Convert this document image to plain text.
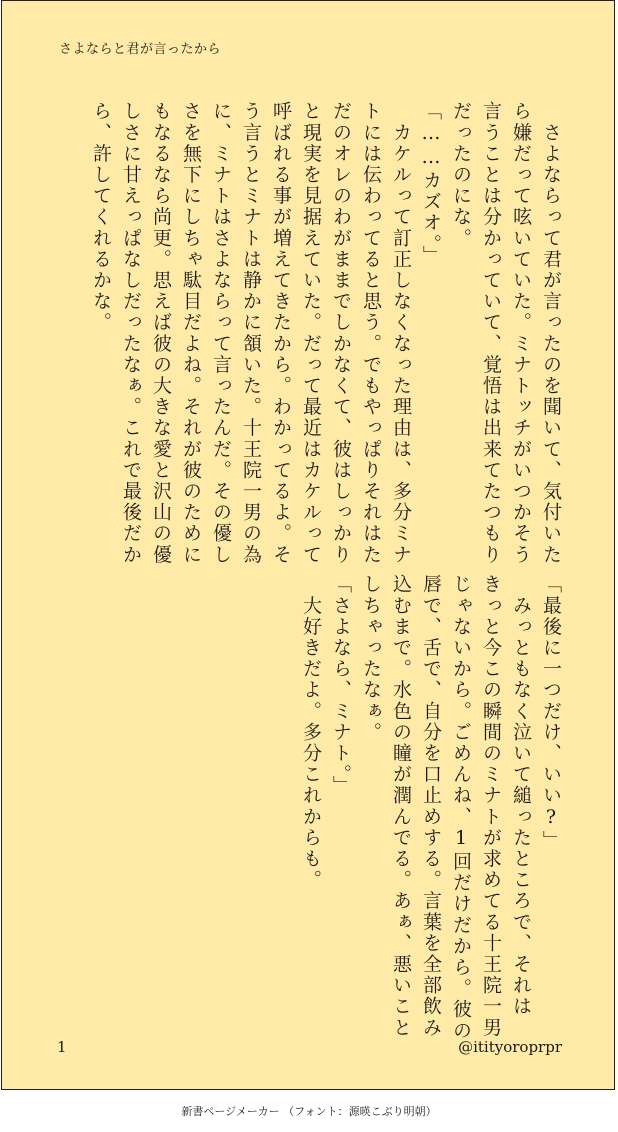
さよならと君が言ったから
　さよならって君が言ったのを聞いて、気付いた
ら嫌だって呟いていた。ミナトッチがいつかそう
言うことは分かっていて、覚悟は出来てたつもり
だったのにな。
「……カズオ。」
　カケルって訂正しなくなった理由は、多分ミナ
トには伝わってると思う。でもやっぱりそれはた
だのオレのわがままでしかなくて、彼はしっかり
と現実を見据えていた。だって最近はカケルって
呼ばれる事が増えてきたから。わかってるよ。そ
う言うとミナトは静かに頷いた。十王院一男の為
に、ミナトはさよならって言ったんだ。その優し
さを無下にしちゃ駄目だよね。それが彼のために
もなるなら尚更。思えば彼の大きな愛と沢山の優
しさに甘えっぱなしだったなぁ。これで最後だか
ら、許してくれるかな。
「最後に一つだけ、いい?」
　みっともなく泣いて縋ったところで、それは
きっと今この瞬間のミナトが求めてる十王院一男
じゃないから。ごめんね、1回だけだから。彼の
唇で、舌で、自分を口止めする。言葉を全部飲み
込むまで。水色の瞳が潤んでる。あぁ、悪いこと
しちゃったなぁ。
「さよなら、ミナト。」
　大好きだよ。多分これからも。
1	@itityoroprpr
新書ページメーカー （フォント：源暎こぶり明朝）
